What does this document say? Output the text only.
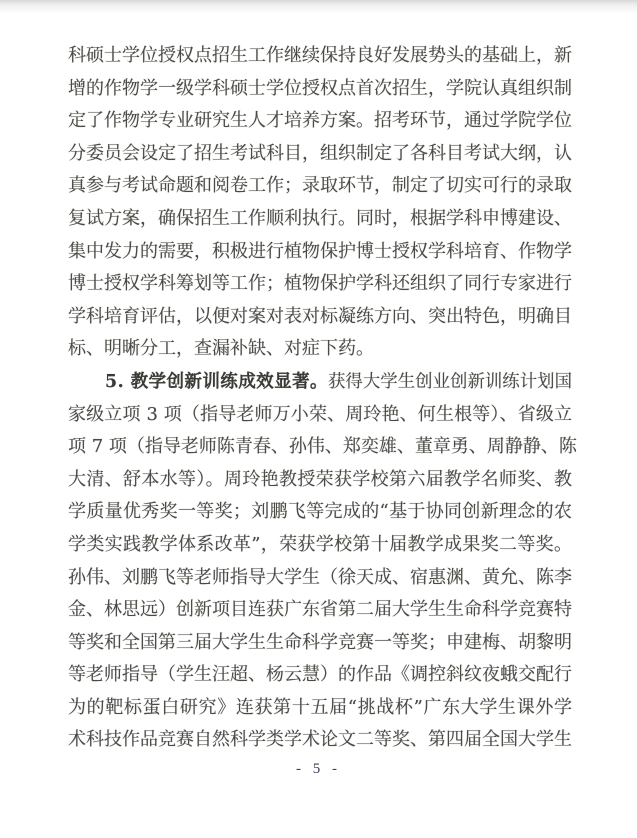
科硕士学位授权点招生工作继续保持良好发展势头的基础上，新
增的作物学一级学科硕士学位授权点首次招生，学院认真组织制
定了作物学专业研究生人才培养方案。招考环节，通过学院学位
分委员会设定了招生考试科目，组织制定了各科目考试大纲，认
真参与考试命题和阅卷工作；录取环节，制定了切实可行的录取
复试方案，确保招生工作顺利执行。同时，根据学科申博建设、
集中发力的需要，积极进行植物保护博士授权学科培育、作物学
博士授权学科筹划等工作；植物保护学科还组织了同行专家进行
学科培育评估，以便对案对表对标凝练方向、突出特色，明确目
标、明晰分工，查漏补缺、对症下药。
5. 教学创新训练成效显著。获得大学生创业创新训练计划国
家级立项 3 项（指导老师万小荣、周玲艳、何生根等）、省级立
项 7 项（指导老师陈青春、孙伟、郑奕雄、董章勇、周静静、陈
大清、舒本水等）。周玲艳教授荣获学校第六届教学名师奖、教
学质量优秀奖一等奖；刘鹏飞等完成的“基于协同创新理念的农
学类实践教学体系改革”，荣获学校第十届教学成果奖二等奖。
孙伟、刘鹏飞等老师指导大学生（徐天成、宿惠渊、黄允、陈李
金、林思远）创新项目连获广东省第二届大学生生命科学竞赛特
等奖和全国第三届大学生生命科学竞赛一等奖；申建梅、胡黎明
等老师指导（学生汪超、杨云慧）的作品《调控斜纹夜蛾交配行
为的靶标蛋白研究》连获第十五届“挑战杯”广东大学生课外学
术科技作品竞赛自然科学类学术论文二等奖、第四届全国大学生
- 5 -
